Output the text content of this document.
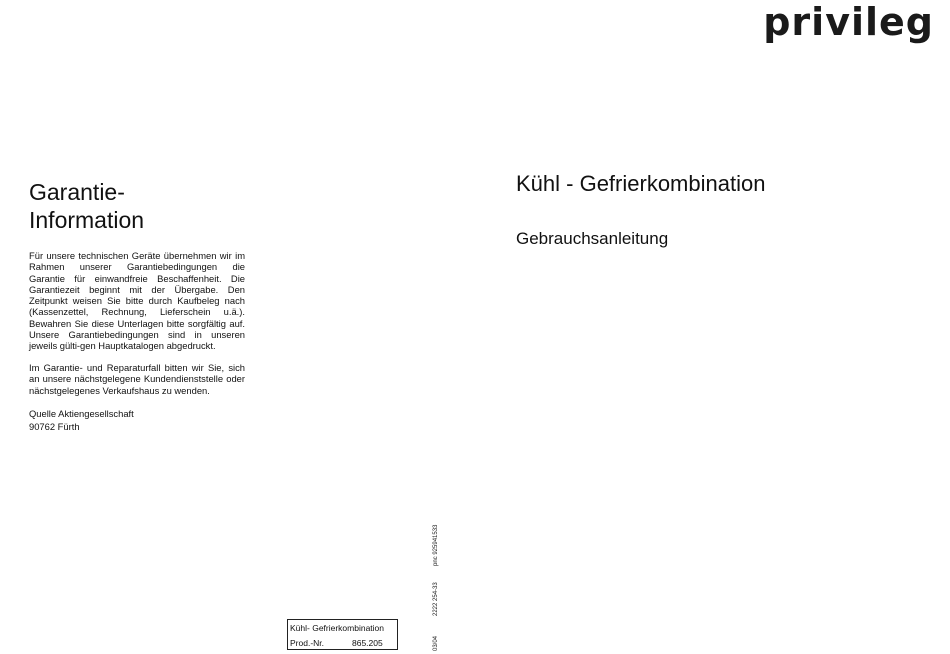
privileg
Garantie-
Information
Für unsere technischen Geräte übernehmen wir im Rahmen unserer Garantiebedingungen die Garantie für einwandfreie Beschaffenheit. Die Garantiezeit beginnt mit der Übergabe. Den Zeitpunkt weisen Sie bitte durch Kaufbeleg nach (Kassenzettel, Rechnung, Lieferschein u.ä.). Bewahren Sie diese Unterlagen bitte sorgfältig auf. Unsere Garantiebedingungen sind in unseren jeweils gülti-gen Hauptkatalogen abgedruckt.
Im Garantie- und Reparaturfall bitten wir Sie, sich an unsere nächstgelegene Kundendienststelle oder nächstgelegenes Verkaufshaus zu wenden.
Quelle Aktiengesellschaft
90762 Fürth
Kühl - Gefrierkombination
Gebrauchsanleitung
Kühl- Gefrierkombination
Prod.-Nr.	865.205
pnc 925941533
2222 254-33
03/04
